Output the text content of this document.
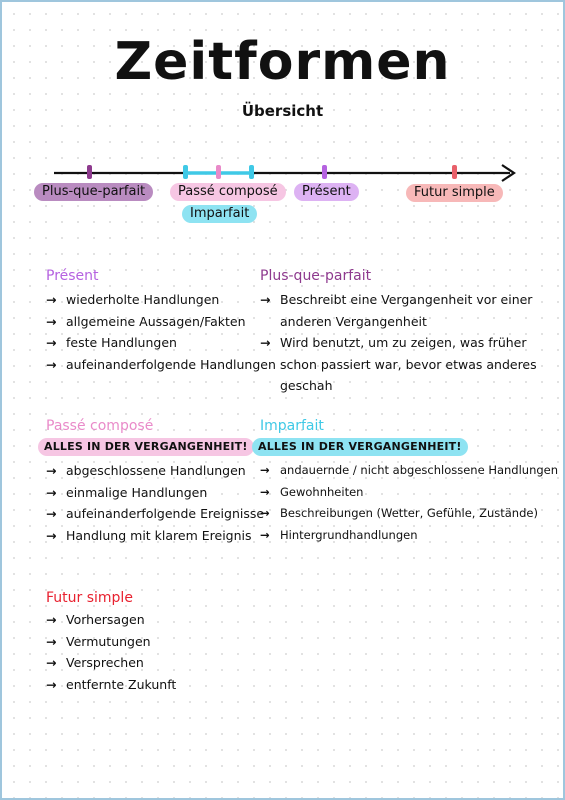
Zeitformen
Übersicht
Plus-que-parfait	Passé composé
Imparfait
Présent	Futur simple
Présent
→ wiederholte Handlungen
→ allgemeine Aussagen/Fakten
→ feste Handlungen
→ aufeinanderfolgende Handlungen
Plus-que-parfait
→ Beschreibt eine Vergangenheit vor einer anderen Vergangenheit
→ Wird benutzt, um zu zeigen, was früher schon passiert war, bevor etwas anderes geschah
Passé composé
ALLES IN DER VERGANGENHEIT!
→ abgeschlossene Handlungen
→ einmalige Handlungen
→ aufeinanderfolgende Ereignisse
→ Handlung mit klarem Ereignis
Imparfait
ALLES IN DER VERGANGENHEIT!
→ andauernde / nicht abgeschlossene Handlungen
→ Gewohnheiten
→ Beschreibungen (Wetter, Gefühle, Zustände)
→ Hintergrundhandlungen
Futur simple
→ Vorhersagen
→ Vermutungen
→ Versprechen
→ entfernte Zukunft
